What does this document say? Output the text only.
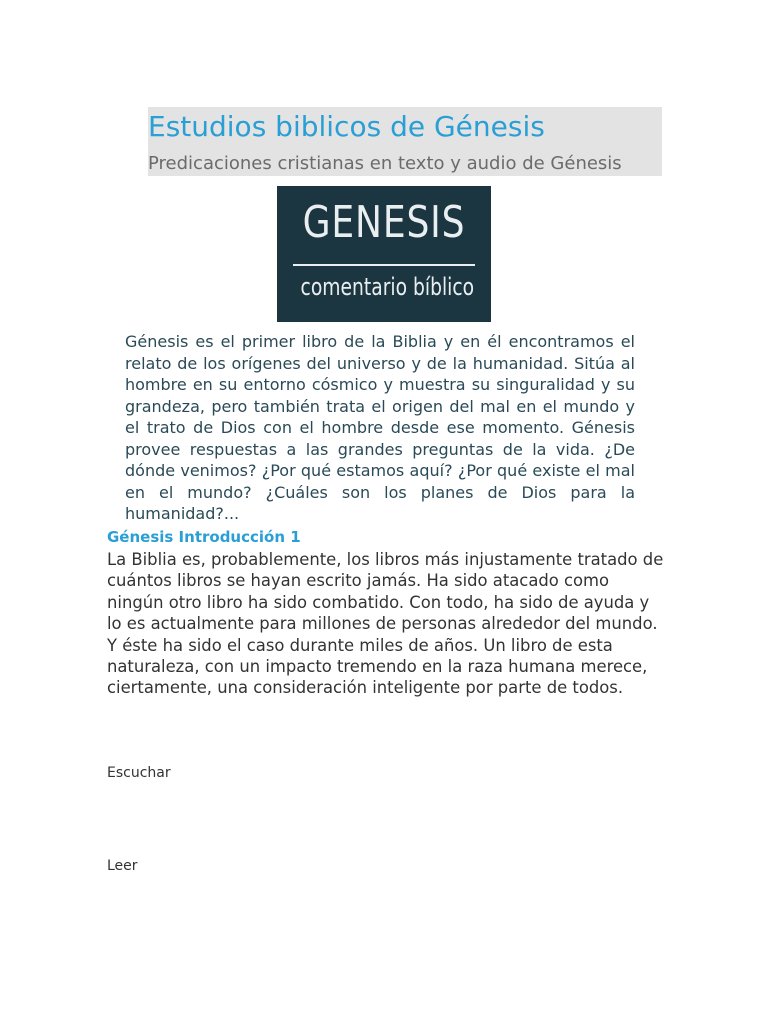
Estudios biblicos de Génesis

Predicaciones cristianas en texto y audio de Génesis

GENESIS
comentario bíblico

Génesis es el primer libro de la Biblia y en él encontramos el relato de los orígenes del universo y de la humanidad. Sitúa al hombre en su entorno cósmico y muestra su singuralidad y su grandeza, pero también trata el origen del mal en el mundo y el trato de Dios con el hombre desde ese momento. Génesis provee respuestas a las grandes preguntas de la vida. ¿De dónde venimos? ¿Por qué estamos aquí? ¿Por qué existe el mal en el mundo? ¿Cuáles son los planes de Dios para la humanidad?...

Génesis Introducción 1

La Biblia es, probablemente, los libros más injustamente tratado de cuántos libros se hayan escrito jamás. Ha sido atacado como ningún otro libro ha sido combatido. Con todo, ha sido de ayuda y lo es actualmente para millones de personas alrededor del mundo. Y éste ha sido el caso durante miles de años. Un libro de esta naturaleza, con un impacto tremendo en la raza humana merece, ciertamente, una consideración inteligente por parte de todos.

Escuchar
Leer
